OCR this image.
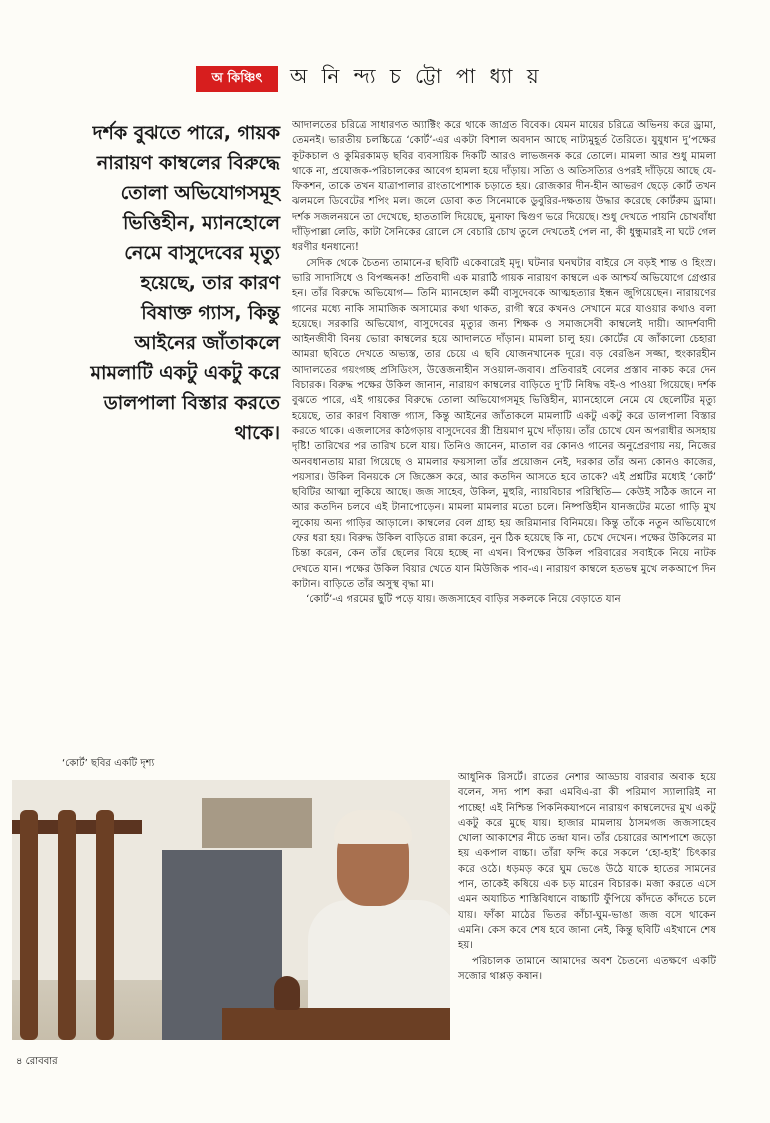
অ কিঞ্চিৎ	অ নি ন্দ্য চ ট্টো পা ধ্যা য়
দর্শক বুঝতে পারে, গায়ক নারায়ণ কাম্বলের বিরুদ্ধে তোলা অভিযোগসমূহ ভিত্তিহীন, ম্যানহোলে নেমে বাসুদেবের মৃত্যু হয়েছে, তার কারণ বিষাক্ত গ্যাস, কিন্তু আইনের জাঁতাকলে মামলাটি একটু একটু করে ডালপালা বিস্তার করতে থাকে।

আদালতের চরিত্রে সাধারণত অ্যাক্টিং করে থাকে জাগ্রত বিবেক। যেমন মায়ের চরিত্রে অভিনয় করে ড্রামা, তেমনই। ভারতীয় চলচ্চিত্রে ‘কোর্ট’-এর একটা বিশাল অবদান আছে নাট্যমুহূর্ত তৈরিতে। যুযুধান দু’পক্ষের কূটকচাল ও কুমিরকামড় ছবির ব্যবসায়িক দিকটি আরও লাভজনক করে তোলে। মামলা আর শুধু মামলা থাকে না, প্রযোজক-পরিচালকের আবেগ হামলা হয়ে দাঁড়ায়। সত্যি ও অতিসত্যির ওপরই দাঁড়িয়ে আছে যে-ফিকশন, তাকে তখন যাত্রাপালার রাংতাপোশাক চড়াতে হয়। রোজকার দীন-হীন আভরণ ছেড়ে কোর্ট তখন ঝলমলে ডিবেটের শপিং মল। জলে ডোবা কত সিনেমাকে ডুবুরির-দক্ষতায় উদ্ধার করেছে কোর্টরুম ড্রামা। দর্শক সজলনয়নে তা দেখেছে, হাততালি দিয়েছে, মুনাফা দ্বিগুণ ভরে দিয়েছে। শুধু দেখতে পায়নি চোখবাঁধা দাঁড়িপাল্লা লেডি, কাটা সৈনিকের রোলে সে বেচারি চোখ তুলে দেখতেই পেল না, কী ধুন্ধুমারই না ঘটে গেল ধরণীর ধনধান্যে!

সেদিক থেকে চৈতন্য তামানে-র ছবিটি একেবারেই মৃদু। ঘটনার ঘনঘটার বাইরে সে বড়ই শান্ত ও হিংস্র। ভারি সাদাসিধে ও বিপজ্জনক! প্রতিবাদী এক মারাঠি গায়ক নারায়ণ কাম্বলে এক আশ্চর্য অভিযোগে গ্রেপ্তার হন। তাঁর বিরুদ্ধে অভিযোগ— তিনি ম্যানহোল কর্মী বাসুদেবকে আত্মহত্যার ইন্ধন জুগিয়েছেন। নারায়ণের গানের মধ্যে নাকি সামাজিক অসাম্যের কথা থাকত, রাগী স্বরে কখনও সেখানে মরে যাওয়ার কথাও বলা হয়েছে। সরকারি অভিযোগ, বাসুদেবের মৃত্যুর জন্য শিক্ষক ও সমাজসেবী কাম্বলেই দায়ী। আদর্শবাদী আইনজীবী বিনয় ভোরা কাম্বলের হয়ে আদালতে দাঁড়ান। মামলা চালু হয়। কোর্টের যে জাঁকালো চেহারা আমরা ছবিতে দেখতে অভ্যস্ত, তার চেয়ে এ ছবি যোজনখানেক দূরে। বড় বেরঙিন সজ্জা, হুংকারহীন আদালতের গয়ংগচ্ছ প্রসিডিংস, উত্তেজনাহীন সওয়াল-জবাব। প্রতিবারই বেলের প্রস্তাব নাকচ করে দেন বিচারক। বিরুদ্ধ পক্ষের উকিল জানান, নারায়ণ কাম্বলের বাড়িতে দু’টি নিষিদ্ধ বই-ও পাওয়া গিয়েছে। দর্শক বুঝতে পারে, এই গায়কের বিরুদ্ধে তোলা অভিযোগসমূহ ভিত্তিহীন, ম্যানহোলে নেমে যে ছেলেটির মৃত্যু হয়েছে, তার কারণ বিষাক্ত গ্যাস, কিন্তু আইনের জাঁতাকলে মামলাটি একটু একটু করে ডালপালা বিস্তার করতে থাকে। এজলাসের কাঠগড়ায় বাসুদেবের স্ত্রী ম্রিয়মাণ মুখে দাঁড়ায়। তাঁর চোখে যেন অপরাধীর অসহায় দৃষ্টি! তারিখের পর তারিখ চলে যায়। তিনিও জানেন, মাতাল বর কোনও গানের অনুপ্রেরণায় নয়, নিজের অনবধানতায় মারা গিয়েছে ও মামলার ফয়সালা তাঁর প্রয়োজন নেই, দরকার তাঁর অন্য কোনও কাজের, পয়সার। উকিল বিনয়কে সে জিজ্ঞেস করে, আর কতদিন আসতে হবে তাকে? এই প্রশ্নটির মধ্যেই ‘কোর্ট’ ছবিটির আত্মা লুকিয়ে আছে। জজ সাহেব, উকিল, মুহুরি, ন্যায়বিচার পরিস্থিতি— কেউই সঠিক জানে না আর কতদিন চলবে এই টানাপোড়েন। মামলা মামলার মতো চলে। নিষ্পত্তিহীন যানজটের মতো গাড়ি মুখ লুকোয় অন্য গাড়ির আড়ালে। কাম্বলের বেল গ্রাহ্য হয় জরিমানার বিনিময়ে। কিন্তু তাঁকে নতুন অভিযোগে ফের ধরা হয়। বিরুদ্ধ উকিল বাড়িতে রান্না করেন, নুন ঠিক হয়েছে কি না, চেখে দেখেন। পক্ষের উকিলের মা চিন্তা করেন, কেন তাঁর ছেলের বিয়ে হচ্ছে না এখন। বিপক্ষের উকিল পরিবারের সবাইকে নিয়ে নাটক দেখতে যান। পক্ষের উকিল বিয়ার খেতে যান মিউজিক পাব-এ। নারায়ণ কাম্বলে হতভম্ব মুখে লকআপে দিন কাটান। বাড়িতে তাঁর অসুস্থ বৃদ্ধা মা।

‘কোর্ট’-এ গরমের ছুটি পড়ে যায়। জজসাহেব বাড়ির সকলকে নিয়ে বেড়াতে যান

‘কোর্ট’ ছবির একটি দৃশ্য

আধুনিক রিসর্টে। রাতের নেশার আড্ডায় বারবার অবাক হয়ে বলেন, সদ্য পাশ করা এমবিএ-রা কী পরিমাণ স্যালারিই না পাচ্ছে! এই নিশ্চিন্ত পিকনিকযাপনে নারায়ণ কাম্বলেদের মুখ একটু একটু করে মুছে যায়। হাজার মামলায় ঠাসমগজ জজসাহেব খোলা আকাশের নীচে তন্দ্রা যান। তাঁর চেয়ারের আশপাশে জড়ো হয় একপাল বাচ্চা। তাঁরা ফন্দি করে সকলে ‘হো-হাই’ চিৎকার করে ওঠে। ধড়মড় করে ঘুম ভেঙে উঠে যাকে হাতের সামনের পান, তাকেই কষিয়ে এক চড় মারেন বিচারক। মজা করতে এসে এমন অযাচিত শাস্তিবিধানে বাচ্চাটি ফুঁপিয়ে কাঁদতে কাঁদতে চলে যায়। ফাঁকা মাঠের ভিতর কাঁচা-ঘুম-ভাঙা জজ বসে থাকেন এমনি। কেস কবে শেষ হবে জানা নেই, কিন্তু ছবিটি এইখানে শেষ হয়।

পরিচালক তামানে আমাদের অবশ চৈতন্যে এতক্ষণে একটি সজোর থাপ্পড় কষান।

৪ রোববার
